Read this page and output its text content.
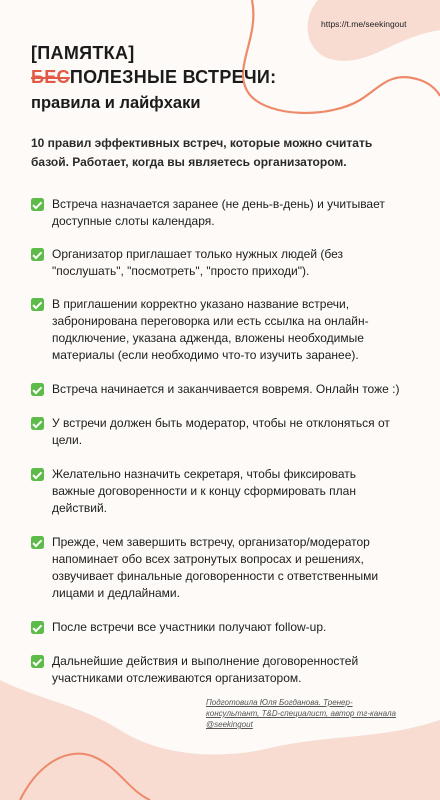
https://t.me/seekingout
[ПАМЯТКА]
БЕСПОЛЕЗНЫЕ ВСТРЕЧИ:
правила и лайфхаки
10 правил эффективных встреч, которые можно считать базой. Работает, когда вы являетесь организатором.
Встреча назначается заранее (не день-в-день) и учитывает доступные слоты календаря.
Организатор приглашает только нужных людей (без "послушать", "посмотреть", "просто приходи").
В приглашении корректно указано название встречи, забронирована переговорка или есть ссылка на онлайн-подключение, указана адженда, вложены необходимые материалы (если необходимо что-то изучить заранее).
Встреча начинается и заканчивается вовремя. Онлайн тоже :)
У встречи должен быть модератор, чтобы не отклоняться от цели.
Желательно назначить секретаря, чтобы фиксировать важные договоренности и к концу сформировать план действий.
Прежде, чем завершить встречу, организатор/модератор напоминает обо всех затронутых вопросах и решениях, озвучивает финальные договоренности с ответственными лицами и дедлайнами.
После встречи все участники получают follow-up.
Дальнейшие действия и выполнение договоренностей участниками отслеживаются организатором.
Подготовила Юля Богданова. Тренер-консультант, T&D-специалист, автор тг-канала @seekingout
